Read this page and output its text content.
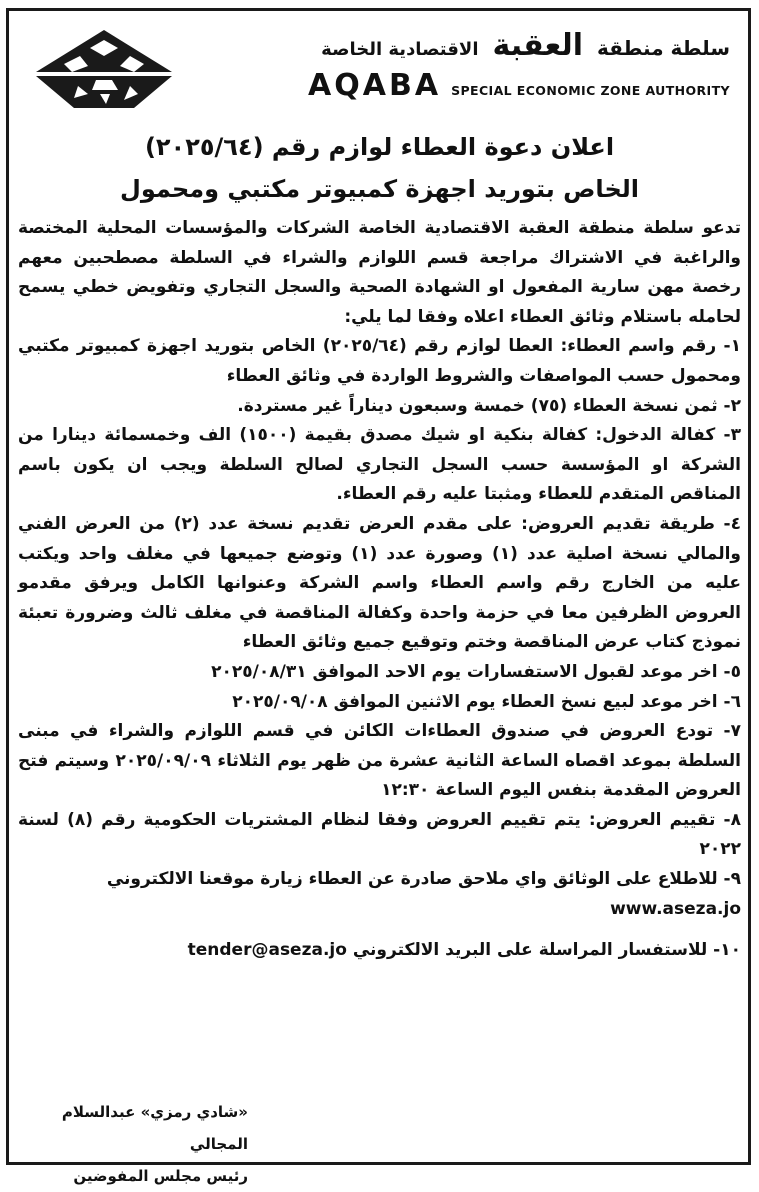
سلطة منطقة
العقبة
الاقتصادية الخاصة
AQABA SPECIAL ECONOMIC ZONE AUTHORITY
اعلان دعوة العطاء لوازم رقم (٢٠٢٥/٦٤)
الخاص بتوريد اجهزة كمبيوتر مكتبي ومحمول

تدعو سلطة منطقة العقبة الاقتصادية الخاصة الشركات والمؤسسات المحلية المختصة والراغبة في الاشتراك مراجعة قسم اللوازم والشراء في السلطة مصطحبين معهم رخصة مهن سارية المفعول او الشهادة الصحية والسجل التجاري وتفويض خطي يسمح لحامله باستلام وثائق العطاء اعلاه وفقا لما يلي:

١- رقم واسم العطاء: العطا لوازم رقم (٢٠٢٥/٦٤) الخاص بتوريد اجهزة كمبيوتر مكتبي ومحمول حسب المواصفات والشروط الواردة في وثائق العطاء

٢- ثمن نسخة العطاء (٧٥) خمسة وسبعون ديناراً غير مستردة.

٣- كفالة الدخول: كفالة بنكية او شيك مصدق بقيمة (١٥٠٠) الف وخمسمائة دينارا من الشركة او المؤسسة حسب السجل التجاري لصالح السلطة ويجب ان يكون باسم المناقص المتقدم للعطاء ومثبتا عليه رقم العطاء.

٤- طريقة تقديم العروض: على مقدم العرض تقديم نسخة عدد (٢) من العرض الفني والمالي نسخة اصلية عدد (١) وصورة عدد (١) وتوضع جميعها في مغلف واحد ويكتب عليه من الخارج رقم واسم العطاء واسم الشركة وعنوانها الكامل ويرفق مقدمو العروض الظرفين معا في حزمة واحدة وكفالة المناقصة في مغلف ثالث وضرورة تعبئة نموذج كتاب عرض المناقصة وختم وتوقيع جميع وثائق العطاء

٥- اخر موعد لقبول الاستفسارات يوم الاحد الموافق ٢٠٢٥/٠٨/٣١

٦- اخر موعد لبيع نسخ العطاء يوم الاثنين الموافق ٢٠٢٥/٠٩/٠٨

٧- تودع العروض في صندوق العطاءات الكائن في قسم اللوازم والشراء في مبنى السلطة بموعد اقصاه الساعة الثانية عشرة من ظهر يوم الثلاثاء ٢٠٢٥/٠٩/٠٩ وسيتم فتح العروض المقدمة بنفس اليوم الساعة ١٢:٣٠

٨- تقييم العروض: يتم تقييم العروض وفقا لنظام المشتريات الحكومية رقم (٨) لسنة ٢٠٢٢

٩- للاطلاع على الوثائق واي ملاحق صادرة عن العطاء زيارة موقعنا الالكتروني

www.aseza.jo

١٠- للاستفسار المراسلة على البريد الالكتروني tender@aseza.jo

«شادي رمزي» عبدالسلام المجالي
رئيس مجلس المفوضين
